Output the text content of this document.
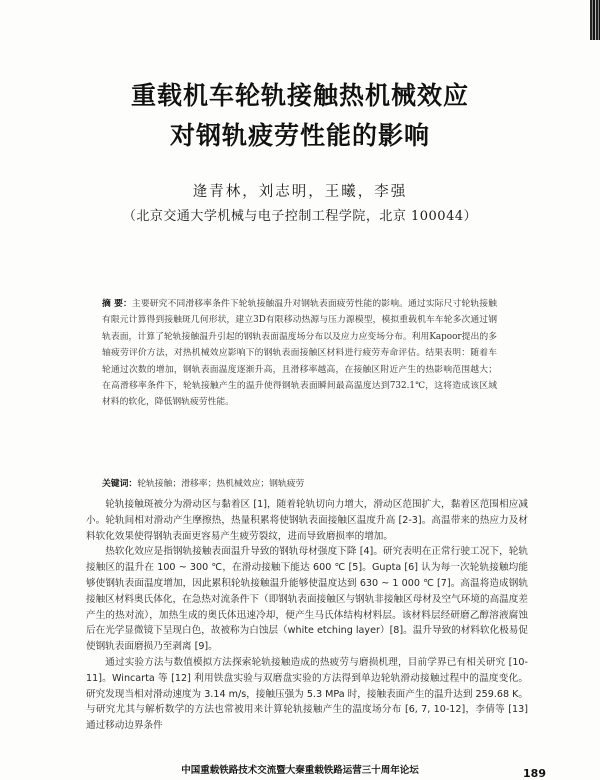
重载机车轮轨接触热机械效应
对钢轨疲劳性能的影响
逄青林，刘志明，王曦，李强
（北京交通大学机械与电子控制工程学院，北京 100044）
摘 要：主要研究不同滑移率条件下轮轨接触温升对钢轨表面疲劳性能的影响。通过实际尺寸轮轨接触有限元计算得到接触斑几何形状，建立3D有限移动热源与压力源模型，模拟重载机车车轮多次通过钢轨表面，计算了轮轨接触温升引起的钢轨表面温度场分布以及应力应变场分布。利用Kapoor提出的多轴疲劳评价方法，对热机械效应影响下的钢轨表面接触区材料进行疲劳寿命评估。结果表明：随着车轮通过次数的增加，钢轨表面温度逐渐升高，且滑移率越高，在接触区附近产生的热影响范围越大；在高滑移率条件下，轮轨接触产生的温升使得钢轨表面瞬间最高温度达到732.1℃，这将造成该区域材料的软化，降低钢轨疲劳性能。
关键词：轮轨接触；滑移率；热机械效应；钢轨疲劳

轮轨接触斑被分为滑动区与黏着区 [1]，随着轮轨切向力增大，滑动区范围扩大，黏着区范围相应减小。轮轨间相对滑动产生摩擦热，热量积累将使钢轨表面接触区温度升高 [2-3]。高温带来的热应力及材料软化效果使得钢轨表面更容易产生疲劳裂纹，进而导致磨损率的增加。

热软化效应是指钢轨接触表面温升导致的钢轨母材强度下降 [4]。研究表明在正常行驶工况下，轮轨接触区的温升在 100 ~ 300 ℃，在滑动接触下能达 600 ℃ [5]。Gupta [6] 认为每一次轮轨接触均能够使钢轨表面温度增加，因此累积轮轨接触温升能够使温度达到 630 ~ 1 000 ℃ [7]。高温将造成钢轨接触区材料奥氏体化，在急热对流条件下（即钢轨表面接触区与钢轨非接触区母材及空气环境的高温度差产生的热对流），加热生成的奥氏体迅速冷却，便产生马氏体结构材料层。该材料层经研磨乙醇溶液腐蚀后在光学显微镜下呈现白色，故被称为白蚀层（white etching layer）[8]。温升导致的材料软化极易促使钢轨表面磨损乃至剥离 [9]。

通过实验方法与数值模拟方法探索轮轨接触造成的热疲劳与磨损机理，目前学界已有相关研究 [10-11]。Wincarta 等 [12] 利用铁盘实验与双磨盘实验的方法得到单边轮轨滑动接触过程中的温度变化。研究发现当相对滑动速度为 3.14 m/s，接触压强为 5.3 MPa 时，接触表面产生的温升达到 259.68 K。与研究尤其与解析数学的方法也常被用来计算轮轨接触产生的温度场分布 [6, 7, 10-12]，李倩等 [13] 通过移动边界条件

中国重载铁路技术交流暨大秦重载铁路运营三十周年论坛	189
